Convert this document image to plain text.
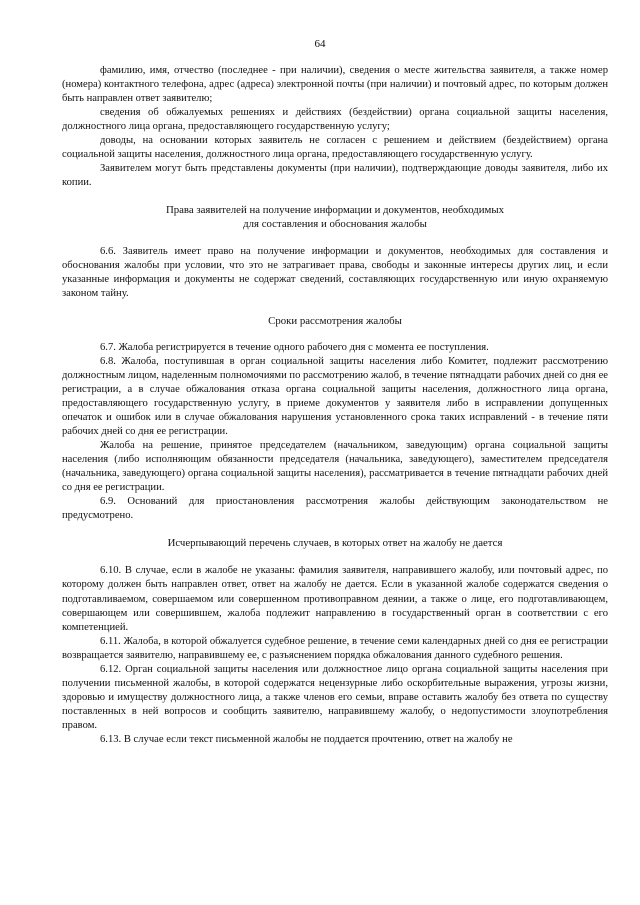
64

фамилию, имя, отчество (последнее - при наличии), сведения о месте жительства заявителя, а также номер (номера) контактного телефона, адрес (адреса) электронной почты (при наличии) и почтовый адрес, по которым должен быть направлен ответ заявителю;

сведения об обжалуемых решениях и действиях (бездействии) органа социальной защиты населения, должностного лица органа, предоставляющего государственную услугу;

доводы, на основании которых заявитель не согласен с решением и действием (бездействием) органа социальной защиты населения, должностного лица органа, предоставляющего государственную услугу.

Заявителем могут быть представлены документы (при наличии), подтверждающие доводы заявителя, либо их копии.

Права заявителей на получение информации и документов, необходимых
для составления и обоснования жалобы

6.6. Заявитель имеет право на получение информации и документов, необходимых для составления и обоснования жалобы при условии, что это не затрагивает права, свободы и законные интересы других лиц, и если указанные информация и документы не содержат сведений, составляющих государственную или иную охраняемую законом тайну.

Сроки рассмотрения жалобы

6.7. Жалоба регистрируется в течение одного рабочего дня с момента ее поступления.

6.8. Жалоба, поступившая в орган социальной защиты населения либо Комитет, подлежит рассмотрению должностным лицом, наделенным полномочиями по рассмотрению жалоб, в течение пятнадцати рабочих дней со дня ее регистрации, а в случае обжалования отказа органа социальной защиты населения, должностного лица органа, предоставляющего государственную услугу, в приеме документов у заявителя либо в исправлении допущенных опечаток и ошибок или в случае обжалования нарушения установленного срока таких исправлений - в течение пяти рабочих дней со дня ее регистрации.

Жалоба на решение, принятое председателем (начальником, заведующим) органа социальной защиты населения (либо исполняющим обязанности председателя (начальника, заведующего), заместителем председателя (начальника, заведующего) органа социальной защиты населения), рассматривается в течение пятнадцати рабочих дней со дня ее регистрации.

6.9. Оснований для приостановления рассмотрения жалобы действующим законодательством не предусмотрено.

Исчерпывающий перечень случаев, в которых ответ на жалобу не дается

6.10. В случае, если в жалобе не указаны: фамилия заявителя, направившего жалобу, или почтовый адрес, по которому должен быть направлен ответ, ответ на жалобу не дается. Если в указанной жалобе содержатся сведения о подготавливаемом, совершаемом или совершенном противоправном деянии, а также о лице, его подготавливающем, совершающем или совершившем, жалоба подлежит направлению в государственный орган в соответствии с его компетенцией.

6.11. Жалоба, в которой обжалуется судебное решение, в течение семи календарных дней со дня ее регистрации возвращается заявителю, направившему ее, с разъяснением порядка обжалования данного судебного решения.

6.12. Орган социальной защиты населения или должностное лицо органа социальной защиты населения при получении письменной жалобы, в которой содержатся нецензурные либо оскорбительные выражения, угрозы жизни, здоровью и имуществу должностного лица, а также членов его семьи, вправе оставить жалобу без ответа по существу поставленных в ней вопросов и сообщить заявителю, направившему жалобу, о недопустимости злоупотребления правом.

6.13. В случае если текст письменной жалобы не поддается прочтению, ответ на жалобу не
